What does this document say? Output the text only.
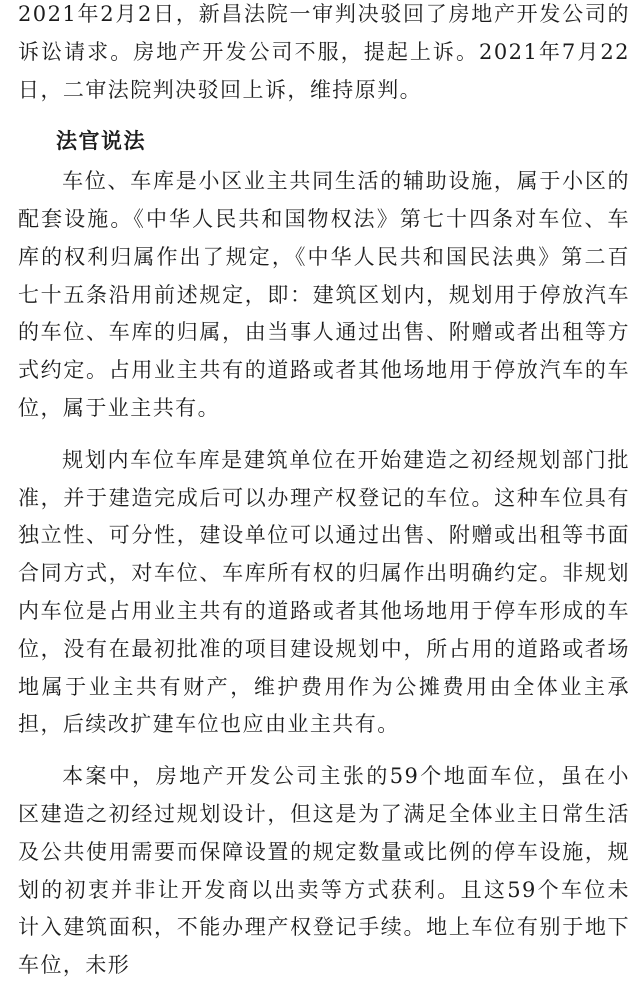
2021年2月2日，新昌法院一审判决驳回了房地产开发公司的诉讼请求。房地产开发公司不服，提起上诉。2021年7月22日，二审法院判决驳回上诉，维持原判。

法官说法

车位、车库是小区业主共同生活的辅助设施，属于小区的配套设施。《中华人民共和国物权法》第七十四条对车位、车库的权利归属作出了规定，《中华人民共和国民法典》第二百七十五条沿用前述规定，即：建筑区划内，规划用于停放汽车的车位、车库的归属，由当事人通过出售、附赠或者出租等方式约定。占用业主共有的道路或者其他场地用于停放汽车的车位，属于业主共有。

规划内车位车库是建筑单位在开始建造之初经规划部门批准，并于建造完成后可以办理产权登记的车位。这种车位具有独立性、可分性，建设单位可以通过出售、附赠或出租等书面合同方式，对车位、车库所有权的归属作出明确约定。非规划内车位是占用业主共有的道路或者其他场地用于停车形成的车位，没有在最初批准的项目建设规划中，所占用的道路或者场地属于业主共有财产，维护费用作为公摊费用由全体业主承担，后续改扩建车位也应由业主共有。

本案中，房地产开发公司主张的59个地面车位，虽在小区建造之初经过规划设计，但这是为了满足全体业主日常生活及公共使用需要而保障设置的规定数量或比例的停车设施，规划的初衷并非让开发商以出卖等方式获利。且这59个车位未计入建筑面积，不能办理产权登记手续。地上车位有别于地下车位，未形
